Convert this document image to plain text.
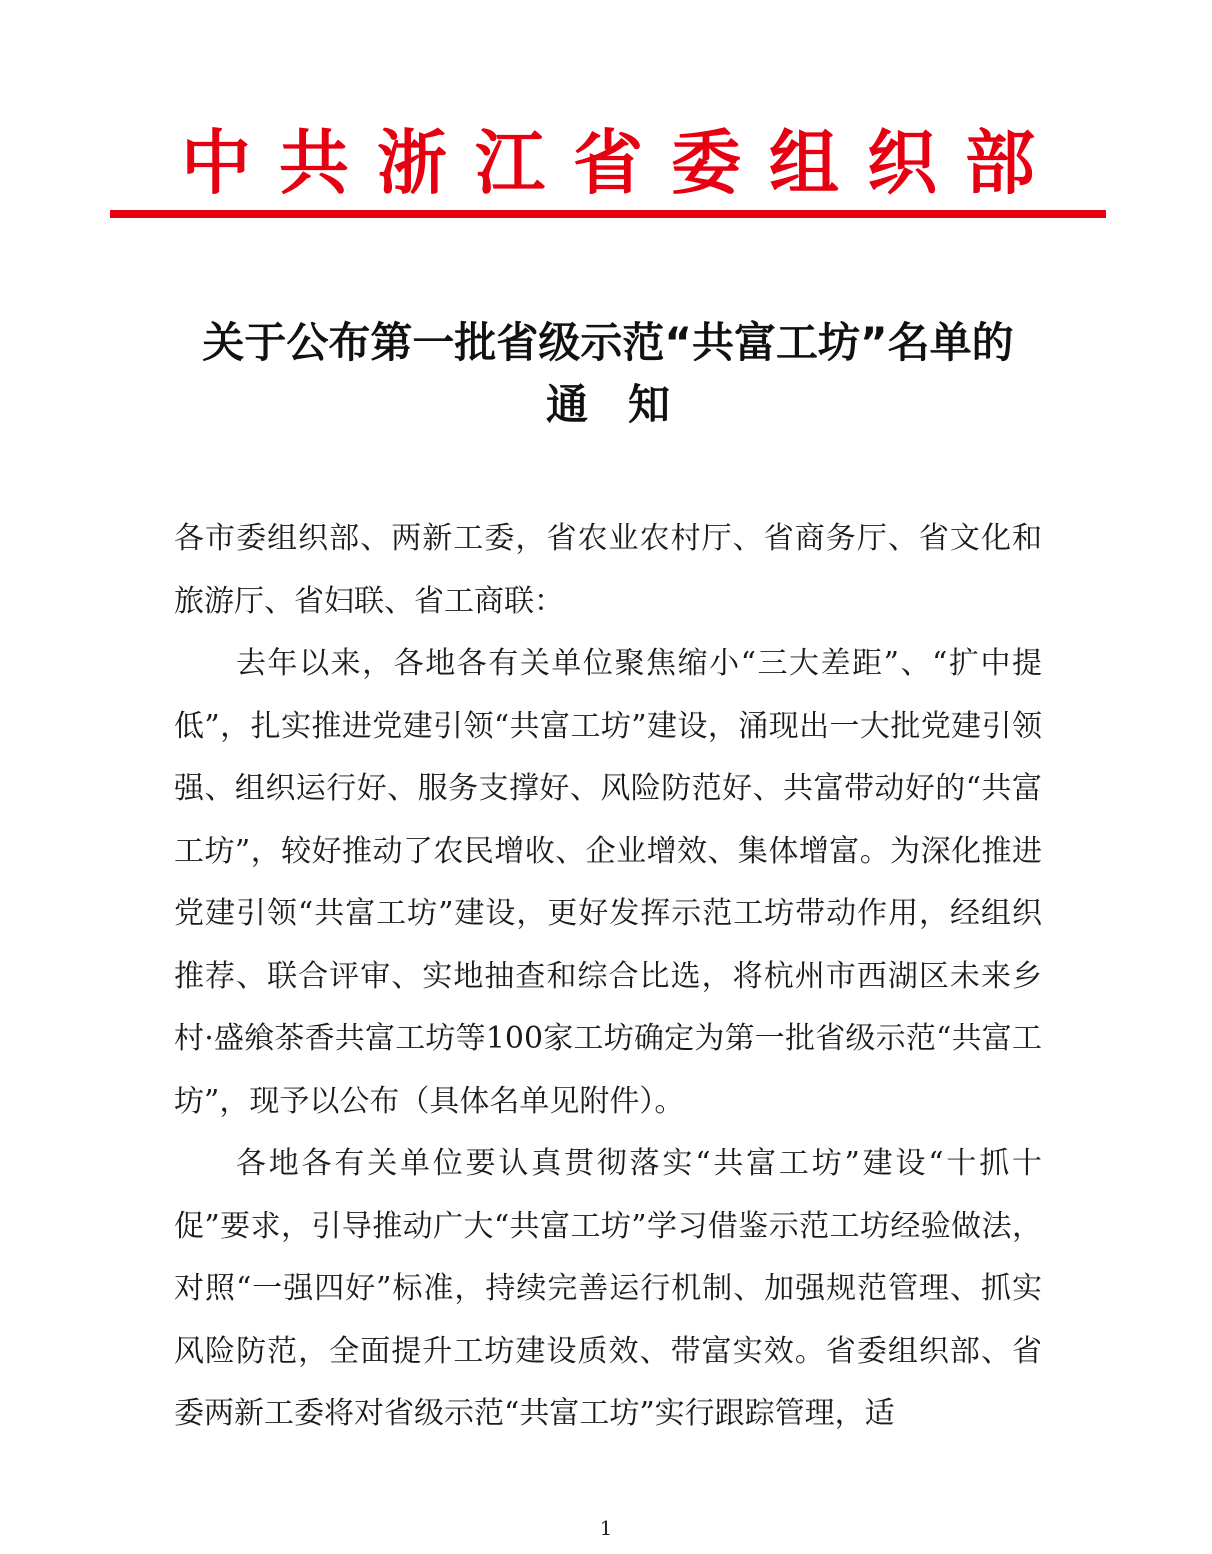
中共浙江省委组织部
关于公布第一批省级示范“共富工坊”名单的
通知

各市委组织部、两新工委，省农业农村厅、省商务厅、省文化和旅游厅、省妇联、省工商联：

去年以来，各地各有关单位聚焦缩小“三大差距”、“扩中提低”，扎实推进党建引领“共富工坊”建设，涌现出一大批党建引领强、组织运行好、服务支撑好、风险防范好、共富带动好的“共富工坊”，较好推动了农民增收、企业增效、集体增富。为深化推进党建引领“共富工坊”建设，更好发挥示范工坊带动作用，经组织推荐、联合评审、实地抽查和综合比选，将杭州市西湖区未来乡村·盛飨茶香共富工坊等100家工坊确定为第一批省级示范“共富工坊”，现予以公布（具体名单见附件）。

各地各有关单位要认真贯彻落实“共富工坊”建设“十抓十促”要求，引导推动广大“共富工坊”学习借鉴示范工坊经验做法，对照“一强四好”标准，持续完善运行机制、加强规范管理、抓实风险防范，全面提升工坊建设质效、带富实效。省委组织部、省委两新工委将对省级示范“共富工坊”实行跟踪管理，适

1
